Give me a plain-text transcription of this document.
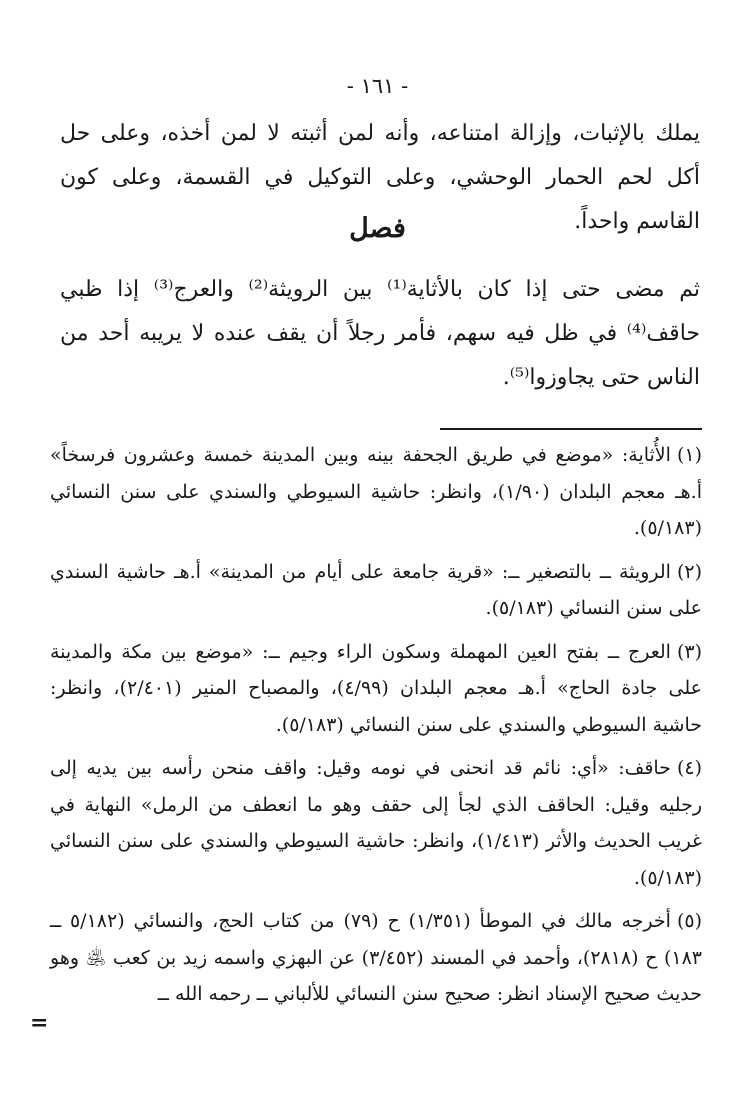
- ١٦١ -

يملك بالإثبات، وإزالة امتناعه، وأنه لمن أثبته لا لمن أخذه، وعلى حل أكل لحم الحمار الوحشي، وعلى التوكيل في القسمة، وعلى كون القاسم واحداً.

فصل

ثم مضى حتى إذا كان بالأثاية⁽¹⁾ بين الرويثة⁽²⁾ والعرج⁽³⁾ إذا ظبي حاقف⁽⁴⁾ في ظل فيه سهم، فأمر رجلاً أن يقف عنده لا يريبه أحد من الناس حتى يجاوزوا⁽⁵⁾.

(١)الأُثاية: «موضع في طريق الجحفة بينه وبين المدينة خمسة وعشرون فرسخاً» أ.هـ معجم البلدان (١/٩٠)، وانظر: حاشية السيوطي والسندي على سنن النسائي (٥/١٨٣).
(٢)الرويثة ــ بالتصغير ــ: «قرية جامعة على أيام من المدينة» أ.هـ حاشية السندي على سنن النسائي (٥/١٨٣).
(٣)العرج ــ بفتح العين المهملة وسكون الراء وجيم ــ: «موضع بين مكة والمدينة على جادة الحاج» أ.هـ معجم البلدان (٤/٩٩)، والمصباح المنير (٢/٤٠١)، وانظر: حاشية السيوطي والسندي على سنن النسائي (٥/١٨٣).
(٤)حاقف: «أي: نائم قد انحنى في نومه وقيل: واقف منحن رأسه بين يديه إلى رجليه وقيل: الحاقف الذي لجأ إلى حقف وهو ما انعطف من الرمل» النهاية في غريب الحديث والأثر (١/٤١٣)، وانظر: حاشية السيوطي والسندي على سنن النسائي (٥/١٨٣).
(٥)أخرجه مالك في الموطأ (١/٣٥١) ح (٧٩) من كتاب الحج، والنسائي (٥/١٨٢ ــ ١٨٣) ح (٢٨١٨)، وأحمد في المسند (٣/٤٥٢) عن البهزي واسمه زيد بن كعب ﵁ وهو حديث صحيح الإسناد انظر: صحيح سنن النسائي للألباني ــ رحمه الله ــ
=
